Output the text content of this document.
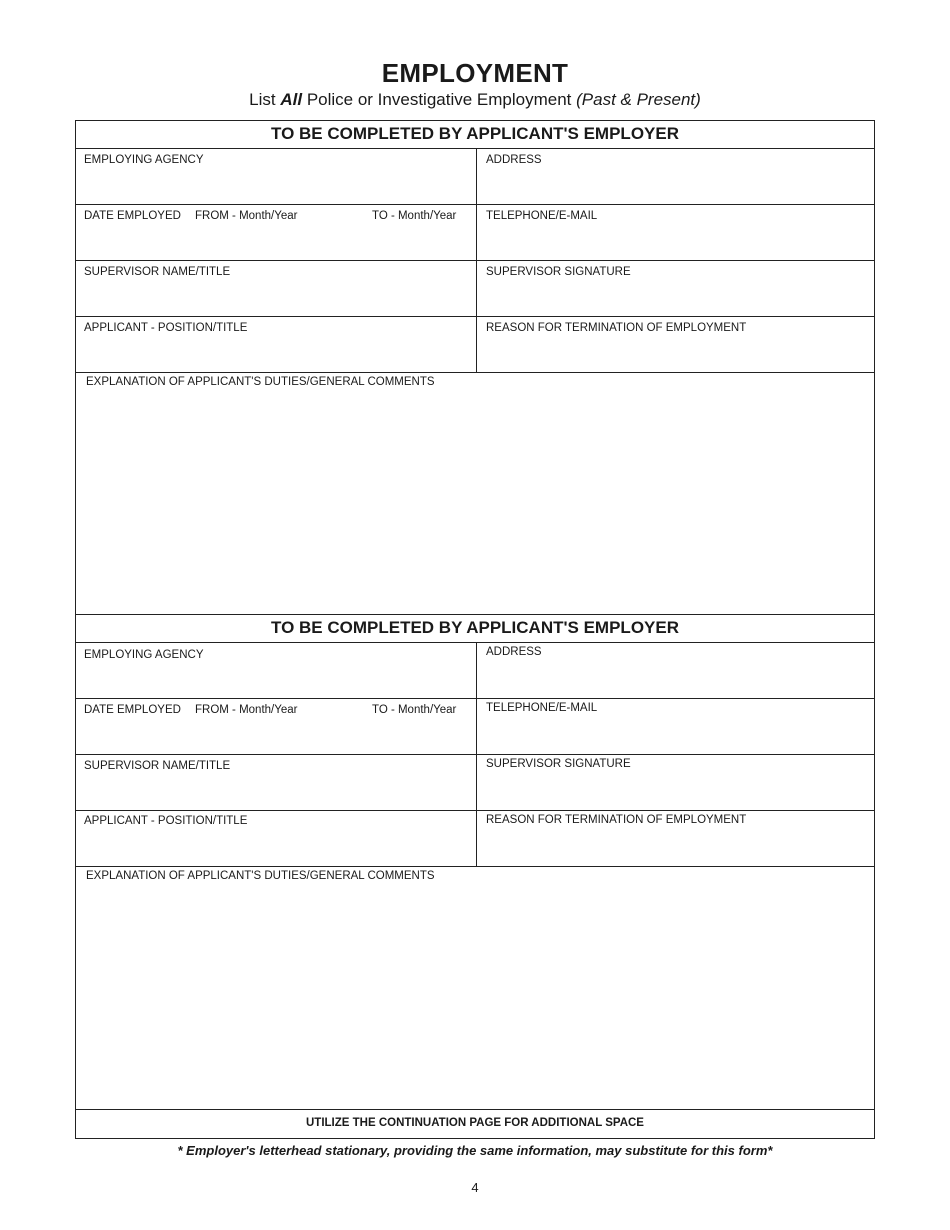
EMPLOYMENT
List All Police or Investigative Employment (Past & Present)
TO BE COMPLETED BY APPLICANT'S EMPLOYER
EMPLOYING AGENCY	ADDRESS
DATE EMPLOYED FROM - Month/Year	TO - Month/Year	TELEPHONE/E-MAIL
SUPERVISOR NAME/TITLE	SUPERVISOR SIGNATURE
APPLICANT - POSITION/TITLE	REASON FOR TERMINATION OF EMPLOYMENT
EXPLANATION OF APPLICANT'S DUTIES/GENERAL COMMENTS
TO BE COMPLETED BY APPLICANT'S EMPLOYER
EMPLOYING AGENCY	ADDRESS
DATE EMPLOYED FROM - Month/Year	TO - Month/Year	TELEPHONE/E-MAIL
SUPERVISOR NAME/TITLE	SUPERVISOR SIGNATURE
APPLICANT - POSITION/TITLE	REASON FOR TERMINATION OF EMPLOYMENT
EXPLANATION OF APPLICANT'S DUTIES/GENERAL COMMENTS
UTILIZE THE CONTINUATION PAGE FOR ADDITIONAL SPACE
* Employer's letterhead stationary, providing the same information, may substitute for this form*
4
